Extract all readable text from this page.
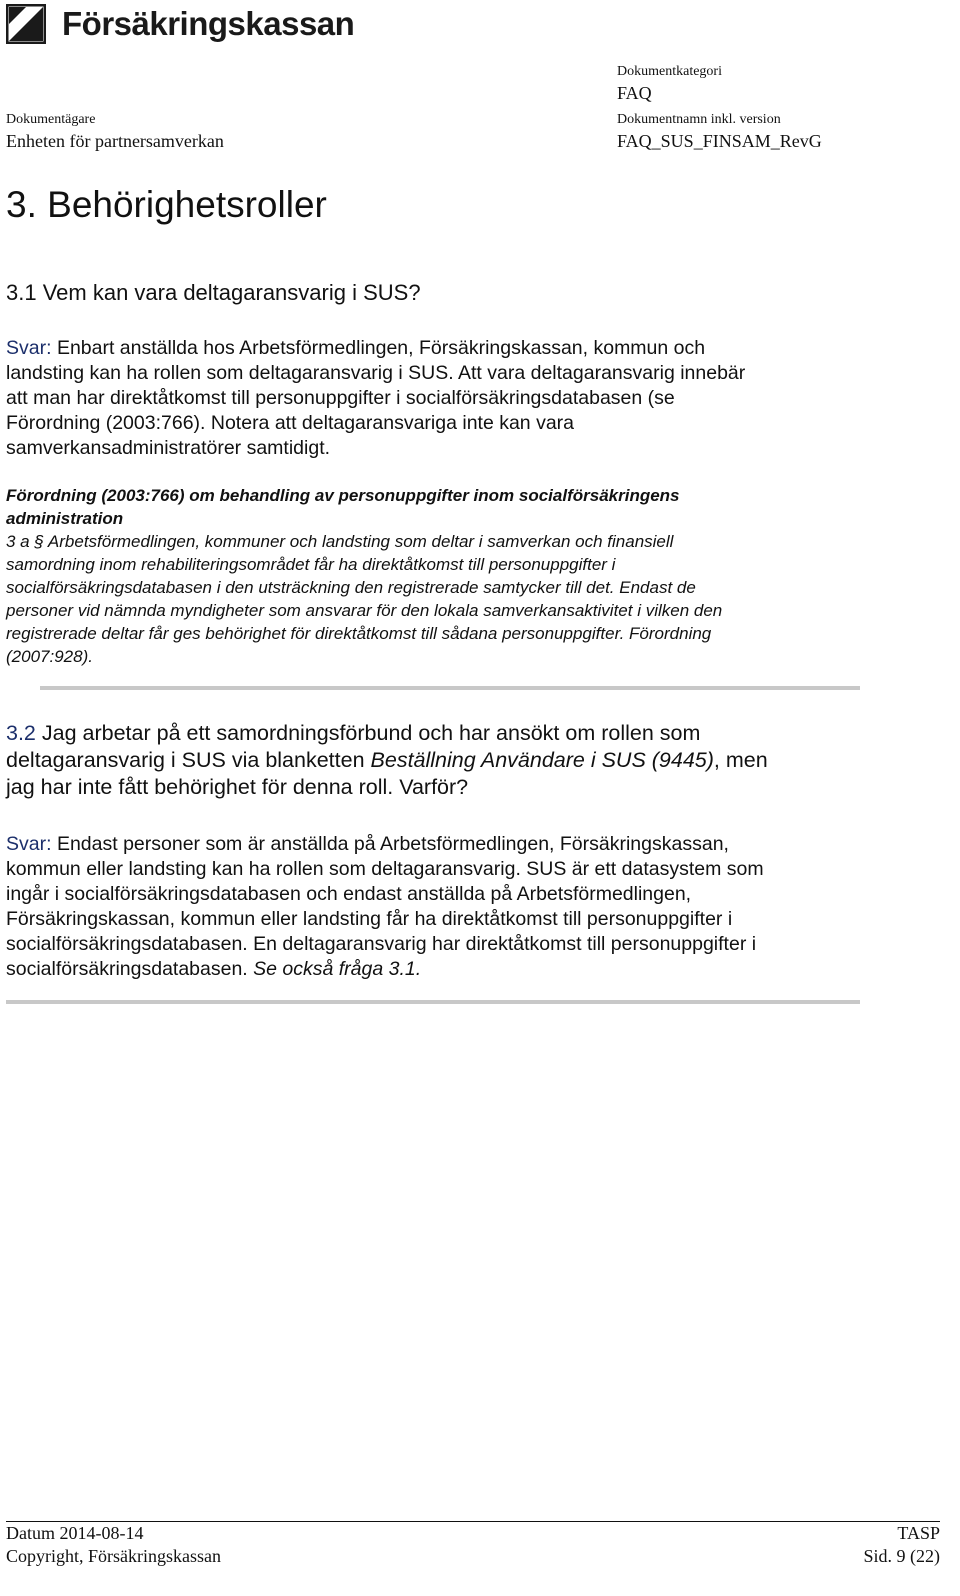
Försäkringskassan
Dokumentägare
Enheten för partnersamverkan
Dokumentkategori
FAQ
Dokumentnamn inkl. version
FAQ_SUS_FINSAM_RevG
3. Behörighetsroller
3.1 Vem kan vara deltagaransvarig i SUS?
Svar: Enbart anställda hos Arbetsförmedlingen, Försäkringskassan, kommun och
landsting kan ha rollen som deltagaransvarig i SUS. Att vara deltagaransvarig innebär
att man har direktåtkomst till personuppgifter i socialförsäkringsdatabasen (se
Förordning (2003:766). Notera att deltagaransvariga inte kan vara
samverkansadministratörer samtidigt.
Förordning (2003:766) om behandling av personuppgifter inom socialförsäkringens
administration
3 a § Arbetsförmedlingen, kommuner och landsting som deltar i samverkan och finansiell
samordning inom rehabiliteringsområdet får ha direktåtkomst till personuppgifter i
socialförsäkringsdatabasen i den utsträckning den registrerade samtycker till det. Endast de
personer vid nämnda myndigheter som ansvarar för den lokala samverkansaktivitet i vilken den
registrerade deltar får ges behörighet för direktåtkomst till sådana personuppgifter. Förordning
(2007:928).
3.2 Jag arbetar på ett samordningsförbund och har ansökt om rollen som
deltagaransvarig i SUS via blanketten Beställning Användare i SUS (9445), men
jag har inte fått behörighet för denna roll. Varför?
Svar: Endast personer som är anställda på Arbetsförmedlingen, Försäkringskassan,
kommun eller landsting kan ha rollen som deltagaransvarig. SUS är ett datasystem som
ingår i socialförsäkringsdatabasen och endast anställda på Arbetsförmedlingen,
Försäkringskassan, kommun eller landsting får ha direktåtkomst till personuppgifter i
socialförsäkringsdatabasen. En deltagaransvarig har direktåtkomst till personuppgifter i
socialförsäkringsdatabasen. Se också fråga 3.1.
Datum 2014-08-14
Copyright, Försäkringskassan
TASP
Sid. 9 (22)
